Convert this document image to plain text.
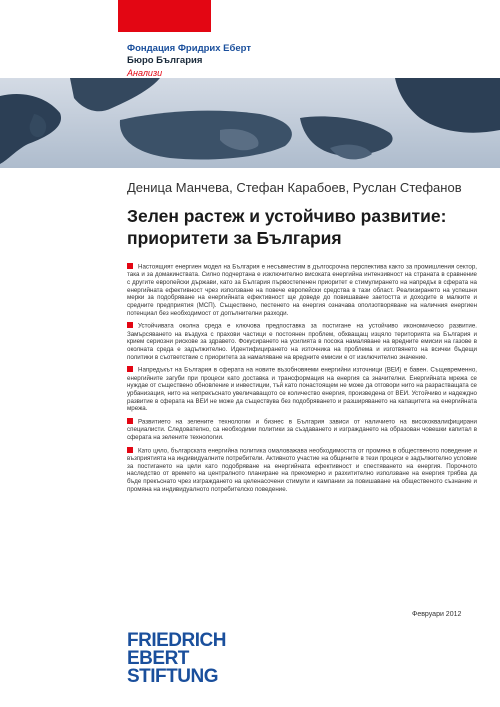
Фондация Фридрих Еберт
Бюро България
Анализи
Деница Манчева, Стефан Карабоев, Руслан Стефанов
Зелен растеж и устойчиво развитие:
приоритети за България

Настоящият енергиен модел на България е несъвместим в дългосрочна перспектива както за промишления сектор, така и за домакинствата. Силно подчертана е изключително високата енергийна интензивност на страната в сравнение с другите европейски държави, като за България първостепенен приоритет е стимулирането на напредък в сферата на енергийната ефективност чрез използване на повече европейски средства в тази област. Реализирането на успешни мерки за подобряване на енергийната ефективност ще доведе до повишаване заетостта и доходите в малките и средните предприятия (МСП). Съществено, пестенето на енергия означава оползотворяване на наличния енергиен потенциал без необходимост от допълнителни разходи.

Устойчивата околна среда е ключова предпоставка за постигане на устойчиво икономическо развитие. Замърсяването на въздуха с прахови частици е постоянен проблем, обхващащ изцяло територията на България и крием сериозни рискове за здравето. Фокусирането на усилията в посока намаляване на вредните емисии на газове в околната среда е задължително. Идентифицирането на източника на проблема и изготвянето на всички бъдещи политики в съответствие с приоритета за намаляване на вредните емисии е от изключително значение.

Напредъкът на България в сферата на новите възобновяеми енергийни източници (ВЕИ) е бавен. Същевременно, енергийните загуби при процеси като доставка и трансформация на енергия са значителни. Енергийната мрежа се нуждае от съществено обновление и инвестиции, тъй като понастоящем не може да отговори нито на разрастващата се урбанизация, нито на непрекъснато увеличаващото се количество енергия, произведена от ВЕИ. Устойчиво и надеждно развитие в сферата на ВЕИ не може да съществува без подобряването и разширяването на капацитета на енергийната мрежа.

Развитието на зелените технологии и бизнес в България зависи от наличието на висококвалифицирани специалисти. Следователно, са необходими политики за създаването и изграждането на образован човешки капитал в сферата на зелените технологии.

Като цяло, българската енергийна политика омаловажава необходимостта от промяна в общественото поведение и възприятията на индивидуалните потребители. Активното участие на общините в тези процеси е задължително условие за постигането на цели като подобряване на енергийната ефективност и спестяването на енергия. Порочното наследство от времето на централното планиране на прекомерно и разхитително използване на енергия трябва да бъде прекъснато чрез изграждането на целенасочени стимули и кампании за повишаване на общественото съзнание и промяна на индивидуалното потребителско поведение.

Февруари 2012
FRIEDRICH
EBERT
STIFTUNG
